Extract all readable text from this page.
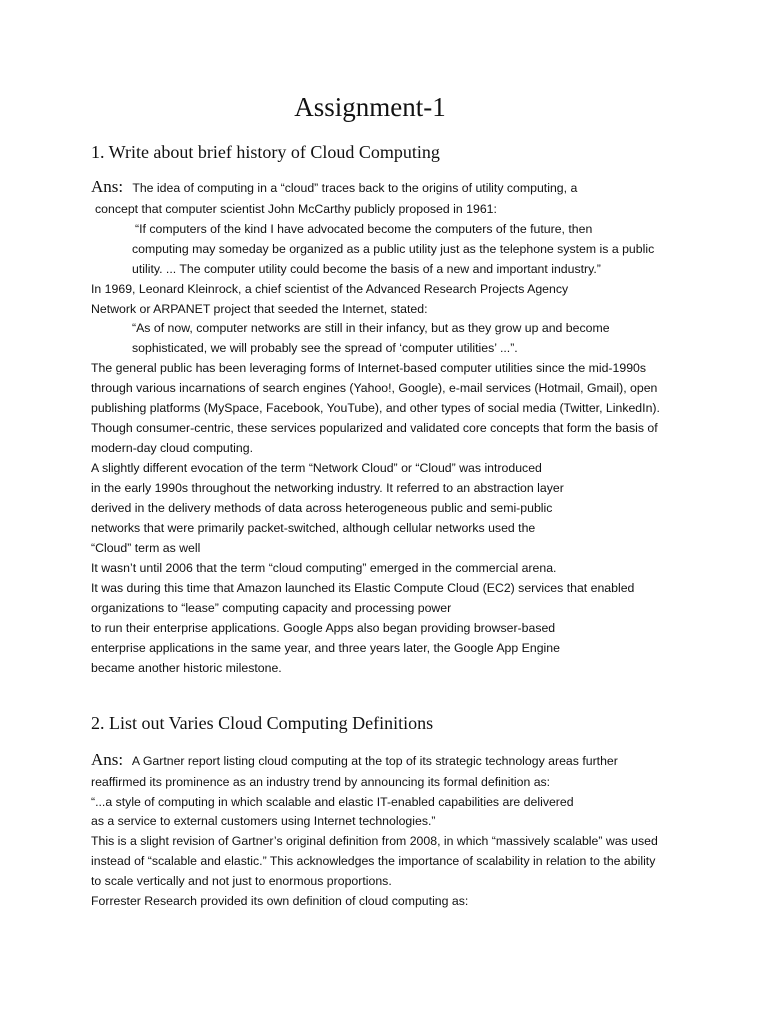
Assignment-1
1. Write about brief history of Cloud Computing
Ans: The idea of computing in a “cloud” traces back to the origins of utility computing, a
concept that computer scientist John McCarthy publicly proposed in 1961:
“If computers of the kind I have advocated become the computers of the future, then
computing may someday be organized as a public utility just as the telephone system is a public
utility. ... The computer utility could become the basis of a new and important industry.”
In 1969, Leonard Kleinrock, a chief scientist of the Advanced Research Projects Agency
Network or ARPANET project that seeded the Internet, stated:
“As of now, computer networks are still in their infancy, but as they grow up and become
sophisticated, we will probably see the spread of ‘computer utilities’ ...”.
The general public has been leveraging forms of Internet-based computer utilities since the mid-1990s
through various incarnations of search engines (Yahoo!, Google), e-mail services (Hotmail, Gmail), open
publishing platforms (MySpace, Facebook, YouTube), and other types of social media (Twitter, LinkedIn).
Though consumer-centric, these services popularized and validated core concepts that form the basis of
modern-day cloud computing.
A slightly different evocation of the term “Network Cloud” or “Cloud” was introduced
in the early 1990s throughout the networking industry. It referred to an abstraction layer
derived in the delivery methods of data across heterogeneous public and semi-public
networks that were primarily packet-switched, although cellular networks used the
“Cloud” term as well
It wasn’t until 2006 that the term “cloud computing” emerged in the commercial arena.
It was during this time that Amazon launched its Elastic Compute Cloud (EC2) services that enabled
organizations to “lease” computing capacity and processing power
to run their enterprise applications. Google Apps also began providing browser-based
enterprise applications in the same year, and three years later, the Google App Engine
became another historic milestone.
2. List out Varies Cloud Computing Definitions
Ans: A Gartner report listing cloud computing at the top of its strategic technology areas further
reaffirmed its prominence as an industry trend by announcing its formal definition as:
“...a style of computing in which scalable and elastic IT-enabled capabilities are delivered
as a service to external customers using Internet technologies.”
This is a slight revision of Gartner’s original definition from 2008, in which “massively scalable” was used
instead of “scalable and elastic.” This acknowledges the importance of scalability in relation to the ability
to scale vertically and not just to enormous proportions.
Forrester Research provided its own definition of cloud computing as:
